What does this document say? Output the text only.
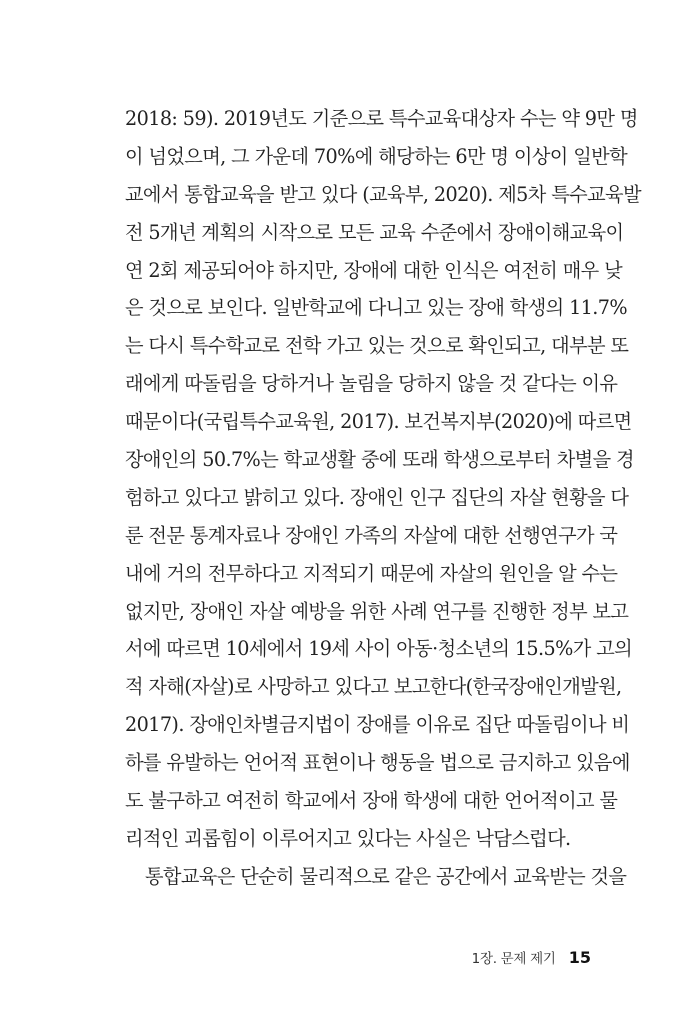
2018: 59). 2019년도 기준으로 특수교육대상자 수는 약 9만 명
이 넘었으며, 그 가운데 70%에 해당하는 6만 명 이상이 일반학
교에서 통합교육을 받고 있다 (교육부, 2020). 제5차 특수교육발
전 5개년 계획의 시작으로 모든 교육 수준에서 장애이해교육이
연 2회 제공되어야 하지만, 장애에 대한 인식은 여전히 매우 낮
은 것으로 보인다. 일반학교에 다니고 있는 장애 학생의 11.7%
는 다시 특수학교로 전학 가고 있는 것으로 확인되고, 대부분 또
래에게 따돌림을 당하거나 놀림을 당하지 않을 것 같다는 이유
때문이다(국립특수교육원, 2017). 보건복지부(2020)에 따르면
장애인의 50.7%는 학교생활 중에 또래 학생으로부터 차별을 경
험하고 있다고 밝히고 있다. 장애인 인구 집단의 자살 현황을 다
룬 전문 통계자료나 장애인 가족의 자살에 대한 선행연구가 국
내에 거의 전무하다고 지적되기 때문에 자살의 원인을 알 수는
없지만, 장애인 자살 예방을 위한 사례 연구를 진행한 정부 보고
서에 따르면 10세에서 19세 사이 아동·청소년의 15.5%가 고의
적 자해(자살)로 사망하고 있다고 보고한다(한국장애인개발원,
2017). 장애인차별금지법이 장애를 이유로 집단 따돌림이나 비
하를 유발하는 언어적 표현이나 행동을 법으로 금지하고 있음에
도 불구하고 여전히 학교에서 장애 학생에 대한 언어적이고 물
리적인 괴롭힘이 이루어지고 있다는 사실은 낙담스럽다.
통합교육은 단순히 물리적으로 같은 공간에서 교육받는 것을
1장. 문제 제기 15
